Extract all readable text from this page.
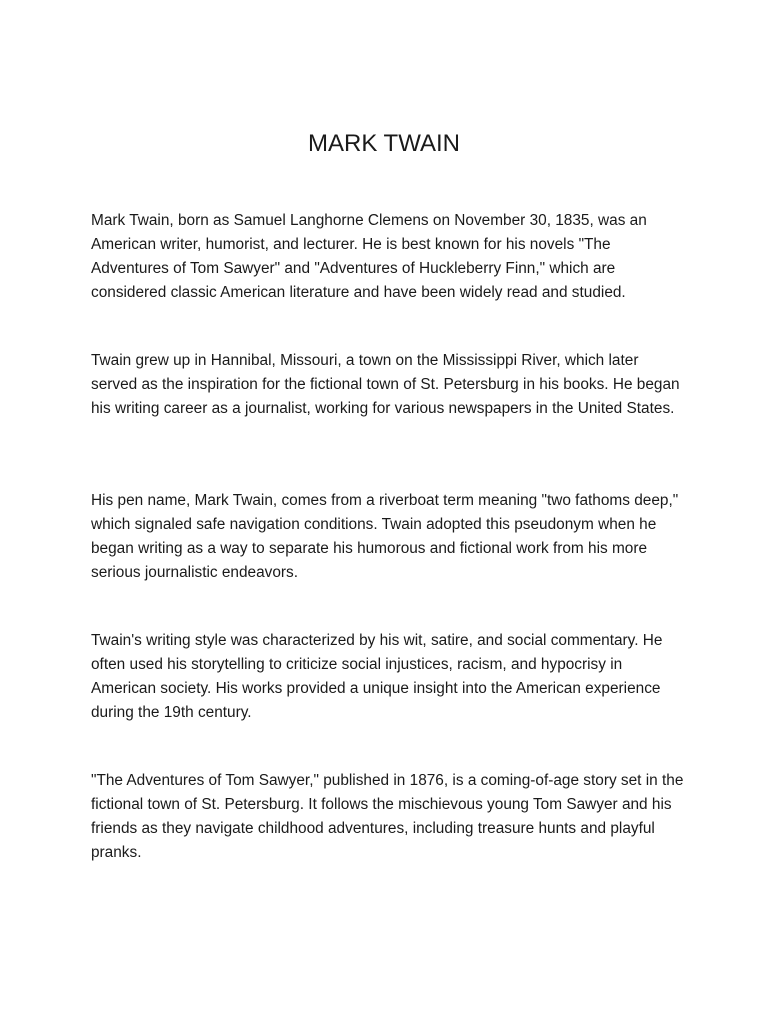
MARK TWAIN

Mark Twain, born as Samuel Langhorne Clemens on November 30, 1835, was an American writer, humorist, and lecturer. He is best known for his novels "The Adventures of Tom Sawyer" and "Adventures of Huckleberry Finn," which are considered classic American literature and have been widely read and studied.

Twain grew up in Hannibal, Missouri, a town on the Mississippi River, which later served as the inspiration for the fictional town of St. Petersburg in his books. He began his writing career as a journalist, working for various newspapers in the United States.

His pen name, Mark Twain, comes from a riverboat term meaning "two fathoms deep," which signaled safe navigation conditions. Twain adopted this pseudonym when he began writing as a way to separate his humorous and fictional work from his more serious journalistic endeavors.

Twain's writing style was characterized by his wit, satire, and social commentary. He often used his storytelling to criticize social injustices, racism, and hypocrisy in American society. His works provided a unique insight into the American experience during the 19th century.

"The Adventures of Tom Sawyer," published in 1876, is a coming-of-age story set in the fictional town of St. Petersburg. It follows the mischievous young Tom Sawyer and his friends as they navigate childhood adventures, including treasure hunts and playful pranks.
